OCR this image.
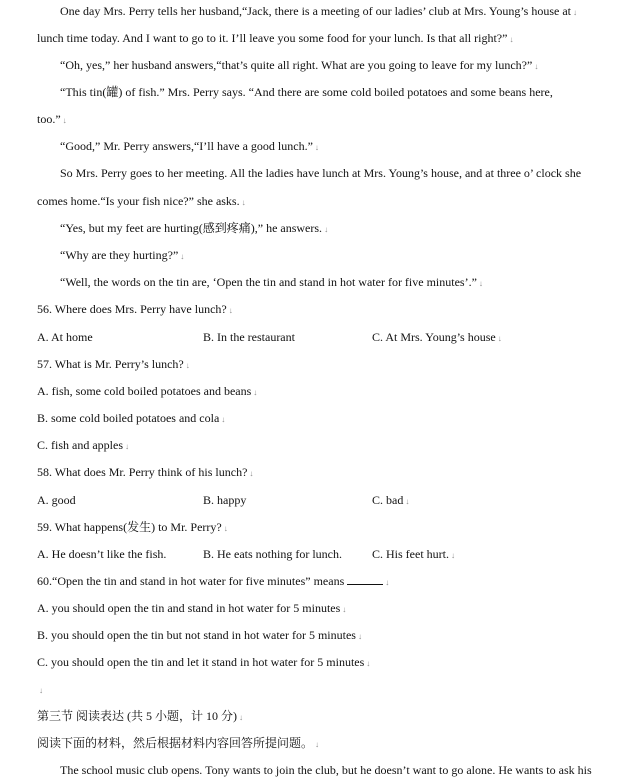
One day Mrs. Perry tells her husband,“Jack, there is a meeting of our ladies’ club at Mrs. Young’s house at ↓
lunch time today. And I want to go to it. I’ll leave you some food for your lunch. Is that all right?” ↓
“Oh, yes,” her husband answers,“that’s quite all right. What are you going to leave for my lunch?” ↓
“This tin(罐) of fish.” Mrs. Perry says. “And there are some cold boiled potatoes and some beans here,
too.” ↓
“Good,” Mr. Perry answers,“I’ll have a good lunch.” ↓
So Mrs. Perry goes to her meeting. All the ladies have lunch at Mrs. Young’s house, and at three o’ clock she
comes home.“Is your fish nice?” she asks. ↓
“Yes, but my feet are hurting(感到疼痛),” he answers. ↓
“Why are they hurting?” ↓
“Well, the words on the tin are, ‘Open the tin and stand in hot water for five minutes’.” ↓
56. Where does Mrs. Perry have lunch? ↓
A. At home	B. In the restaurant	C. At Mrs. Young’s house ↓
57. What is Mr. Perry’s lunch? ↓
A. fish, some cold boiled potatoes and beans ↓
B. some cold boiled potatoes and cola ↓
C. fish and apples ↓
58. What does Mr. Perry think of his lunch? ↓
A. good	B. happy	C. bad ↓
59. What happens(发生) to Mr. Perry? ↓
A. He doesn’t like the fish.	B. He eats nothing for lunch.	C. His feet hurt. ↓
60.“Open the tin and stand in hot water for five minutes” means	↓
A. you should open the tin and stand in hot water for 5 minutes ↓
B. you should open the tin but not stand in hot water for 5 minutes ↓
C. you should open the tin and let it stand in hot water for 5 minutes ↓
↓
第三节 阅读表达 (共 5 小题，计 10 分) ↓
阅读下面的材料，然后根据材料内容回答所提问题。 ↓
The school music club opens. Tony wants to join the club, but he doesn’t want to go alone. He wants to ask his
